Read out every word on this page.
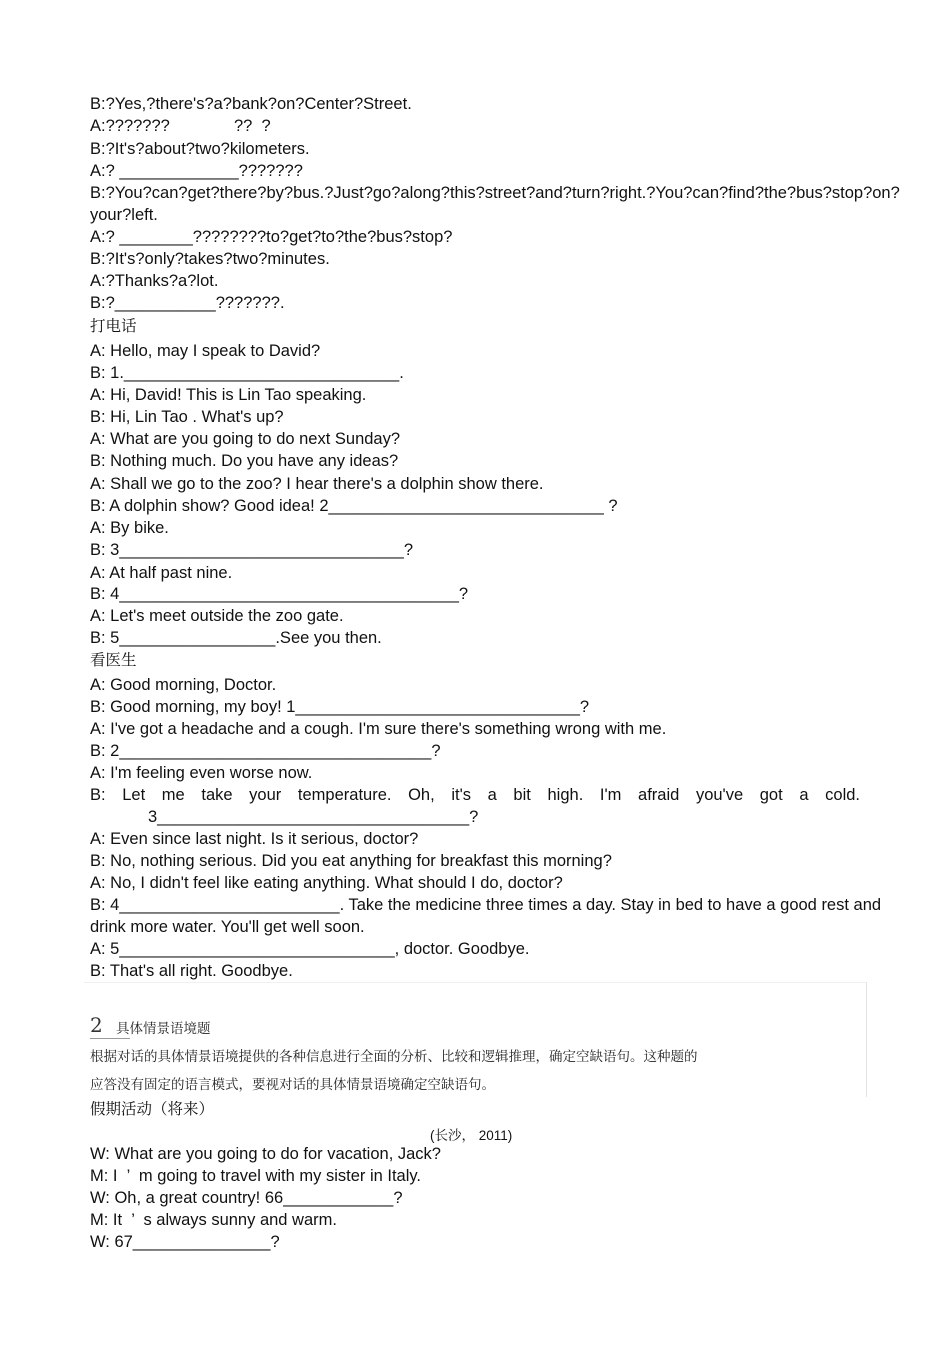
B:?Yes,?there's?a?bank?on?Center?Street.
A:???????              ??  ?
B:?It's?about?two?kilometers.
A:? _____________???????
B:?You?can?get?there?by?bus.?Just?go?along?this?street?and?turn?right.?You?can?find?the?bus?stop?on?your?left.
A:? ________????????to?get?to?the?bus?stop?
B:?It's?only?takes?two?minutes.
A:?Thanks?a?lot.
B:?___________???????.
打电话
A: Hello, may I speak to David?
B: 1.______________________________.
A: Hi, David! This is Lin Tao speaking.
B: Hi, Lin Tao . What's up?
A: What are you going to do next Sunday?
B: Nothing much. Do you have any ideas?
A: Shall we go to the zoo? I hear there's a dolphin show there.
B: A dolphin show? Good idea! 2______________________________ ?
A: By bike.
B: 3_______________________________?
A: At half past nine.
B: 4_____________________________________?
A: Let's meet outside the zoo gate.
B: 5_________________.See you then.
看医生
A: Good morning, Doctor.
B: Good morning, my boy! 1_______________________________?
A: I've got a headache and a cough. I'm sure there's something wrong with me.
B: 2__________________________________?
A: I'm feeling even worse now.
B: Let me take your temperature. Oh, it's a bit high. I'm afraid you've got a cold.
3__________________________________?
A: Even since last night. Is it serious, doctor?
B: No, nothing serious. Did you eat anything for breakfast this morning?
A: No, I didn't feel like eating anything. What should I do, doctor?
B: 4________________________. Take the medicine three times a day. Stay in bed to have a good rest and drink more water. You'll get well soon.
A: 5______________________________, doctor. Goodbye.
B: That's all right. Goodbye.
2 具体情景语境题
根据对话的具体情景语境提供的各种信息进行全面的分析、比较和逻辑推理，确定空缺语句。这种题的
应答没有固定的语言模式，要视对话的具体情景语境确定空缺语句。
假期活动（将来）
(长沙， 2011)
W: What are you going to do for vacation, Jack?
M: I  ’  m going to travel with my sister in Italy.
W: Oh, a great country! 66____________?
M: It  ’  s always sunny and warm.
W: 67_______________?
